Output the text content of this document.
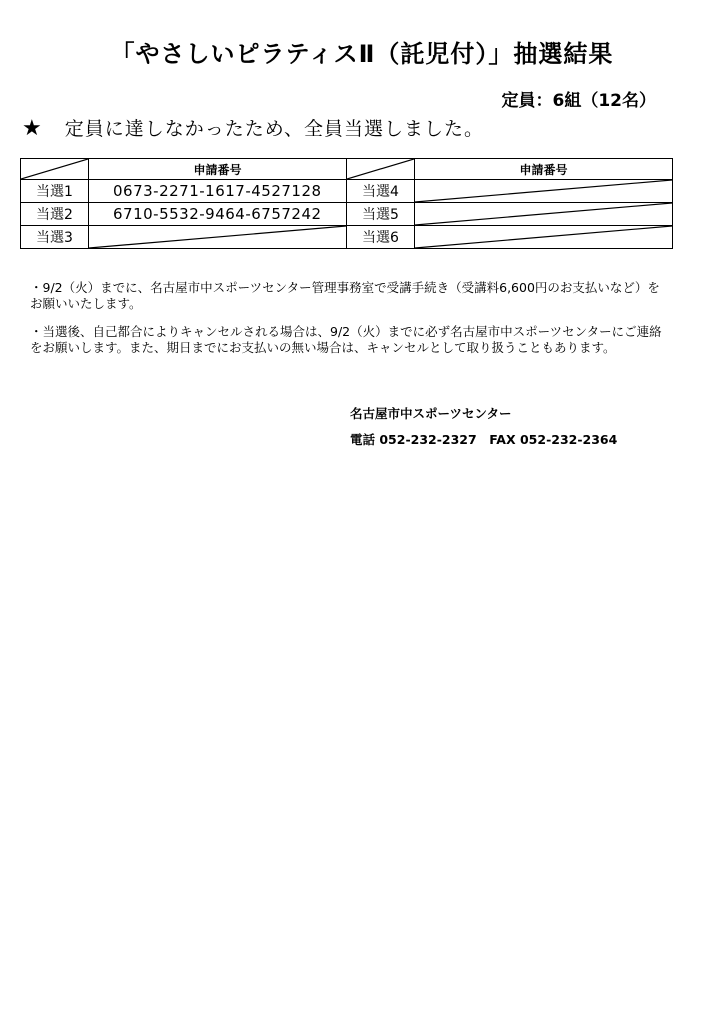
「やさしいピラティスⅡ（託児付）」抽選結果
定員：6組（12名）
★ 定員に達しなかったため、全員当選しました。
	申請番号		申請番号
当選1	0673-2271-1617-4527128	当選4	

当選2	6710-5532-9464-6757242	当選5	

当選3		当選6	
・9/2（火）までに、名古屋市中スポーツセンター管理事務室で受講手続き（受講料6,600円のお支払いなど）をお願いいたします。
・当選後、自己都合によりキャンセルされる場合は、9/2（火）までに必ず名古屋市中スポーツセンターにご連絡をお願いします。また、期日までにお支払いの無い場合は、キャンセルとして取り扱うこともあります。
名古屋市中スポーツセンター
電話 052-232-2327　FAX 052-232-2364
